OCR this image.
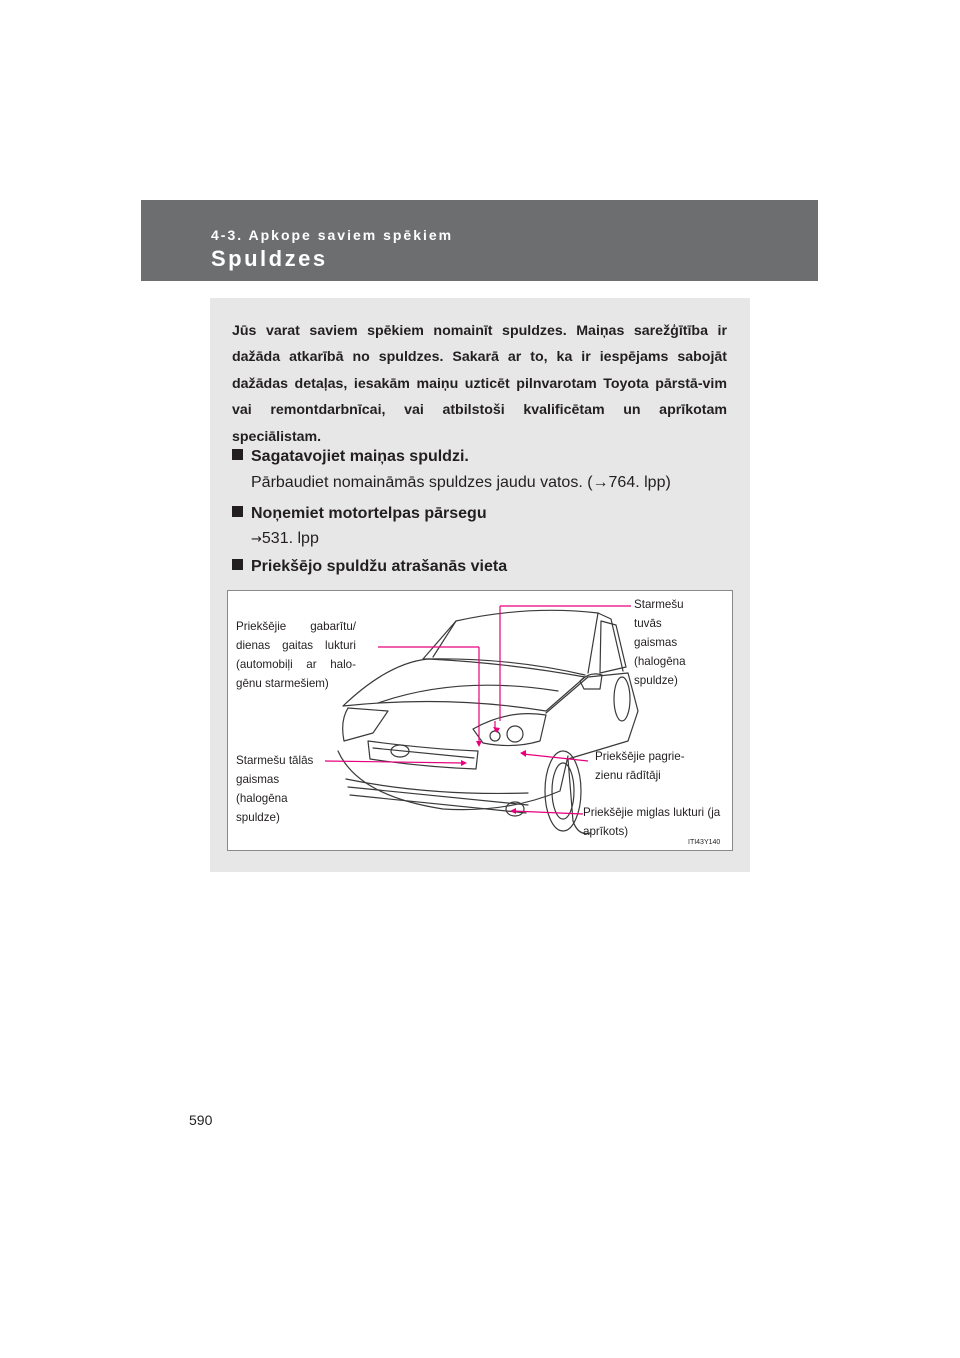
4-3. Apkope saviem spēkiem
Spuldzes
Jūs varat saviem spēkiem nomainīt spuldzes. Maiņas sarežģītība ir dažāda atkarībā no spuldzes. Sakarā ar to, ka ir iespējams sabojāt dažādas detaļas, iesakām maiņu uzticēt pilnvarotam Toyota pārstā-vim vai remontdarbnīcai, vai atbilstoši kvalificētam un aprīkotam speciālistam.
Sagatavojiet maiņas spuldzi.
Pārbaudiet nomaināmās spuldzes jaudu vatos. (→764. lpp)
Noņemiet motortelpas pārsegu
→531. lpp
Priekšējo spuldžu atrašanās vieta
Priekšējie gabarītu/ dienas gaitas lukturi (automobiļi ar halo-gēnu starmešiem)
Starmešu tuvās gaismas (halogēna spuldze)
Starmešu tālās gaismas (halogēna spuldze)
Priekšējie pagrie-zienu rādītāji
Priekšējie miglas lukturi (ja aprīkots)
ITI43Y140
590
